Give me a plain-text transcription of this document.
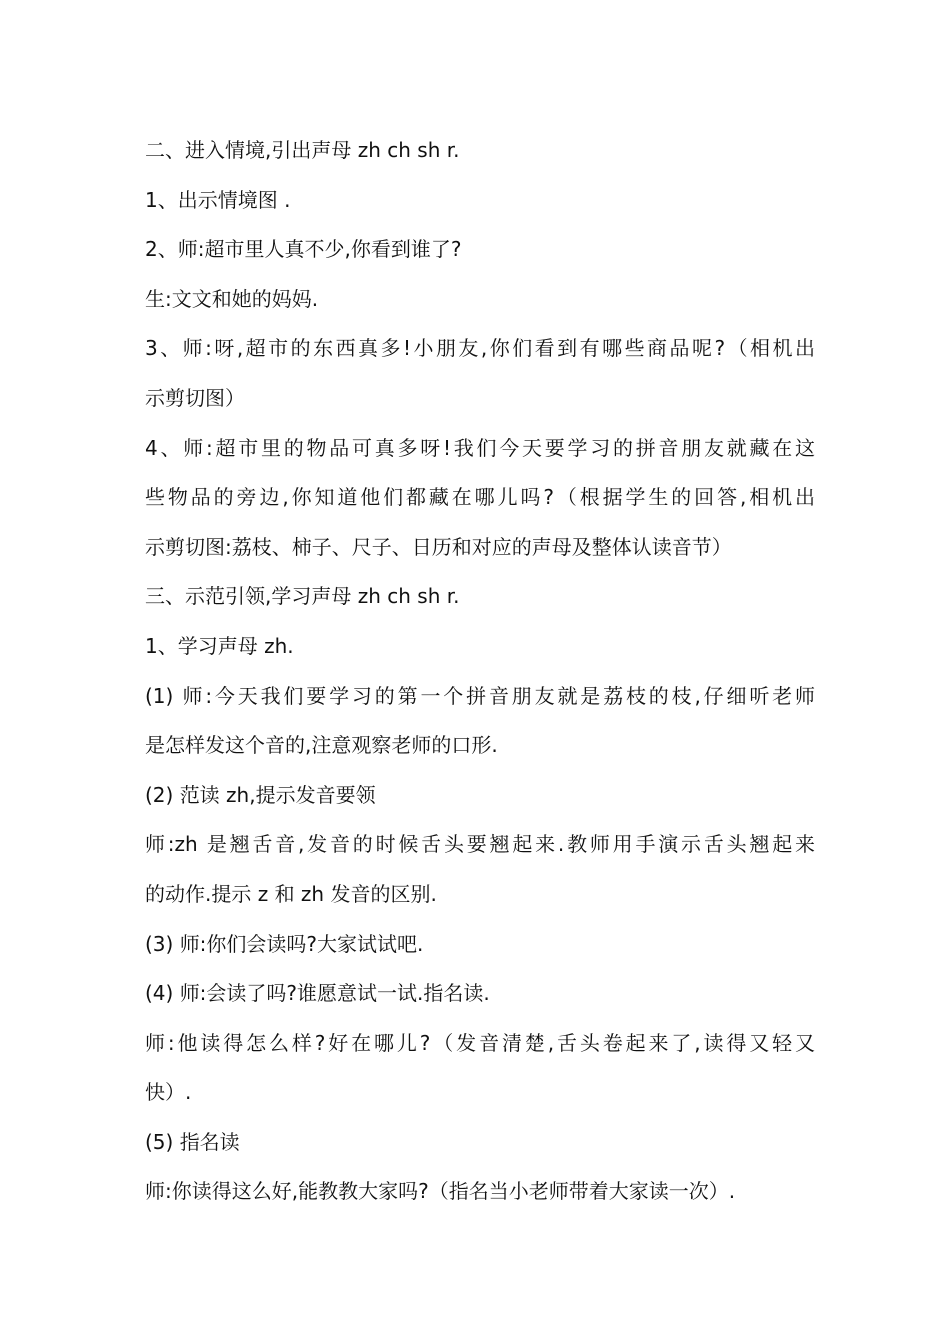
二、进入情境,引出声母 zh ch sh r.
1、出示情境图 .
2、师:超市里人真不少,你看到谁了?
生:文文和她的妈妈.
3、师:呀,超市的东西真多!小朋友,你们看到有哪些商品呢?（相机出
示剪切图）
4、师:超市里的物品可真多呀!我们今天要学习的拼音朋友就藏在这
些物品的旁边,你知道他们都藏在哪儿吗?（根据学生的回答,相机出
示剪切图:荔枝、柿子、尺子、日历和对应的声母及整体认读音节）
三、示范引领,学习声母 zh ch sh r.
1、学习声母 zh.
(1) 师:今天我们要学习的第一个拼音朋友就是荔枝的枝,仔细听老师
是怎样发这个音的,注意观察老师的口形.
(2) 范读 zh,提示发音要领
师:zh 是翘舌音,发音的时候舌头要翘起来.教师用手演示舌头翘起来
的动作.提示 z 和 zh 发音的区别.
(3) 师:你们会读吗?大家试试吧.
(4) 师:会读了吗?谁愿意试一试.指名读.
师:他读得怎么样?好在哪儿?（发音清楚,舌头卷起来了,读得又轻又
快）.
(5) 指名读
师:你读得这么好,能教教大家吗?（指名当小老师带着大家读一次）.
